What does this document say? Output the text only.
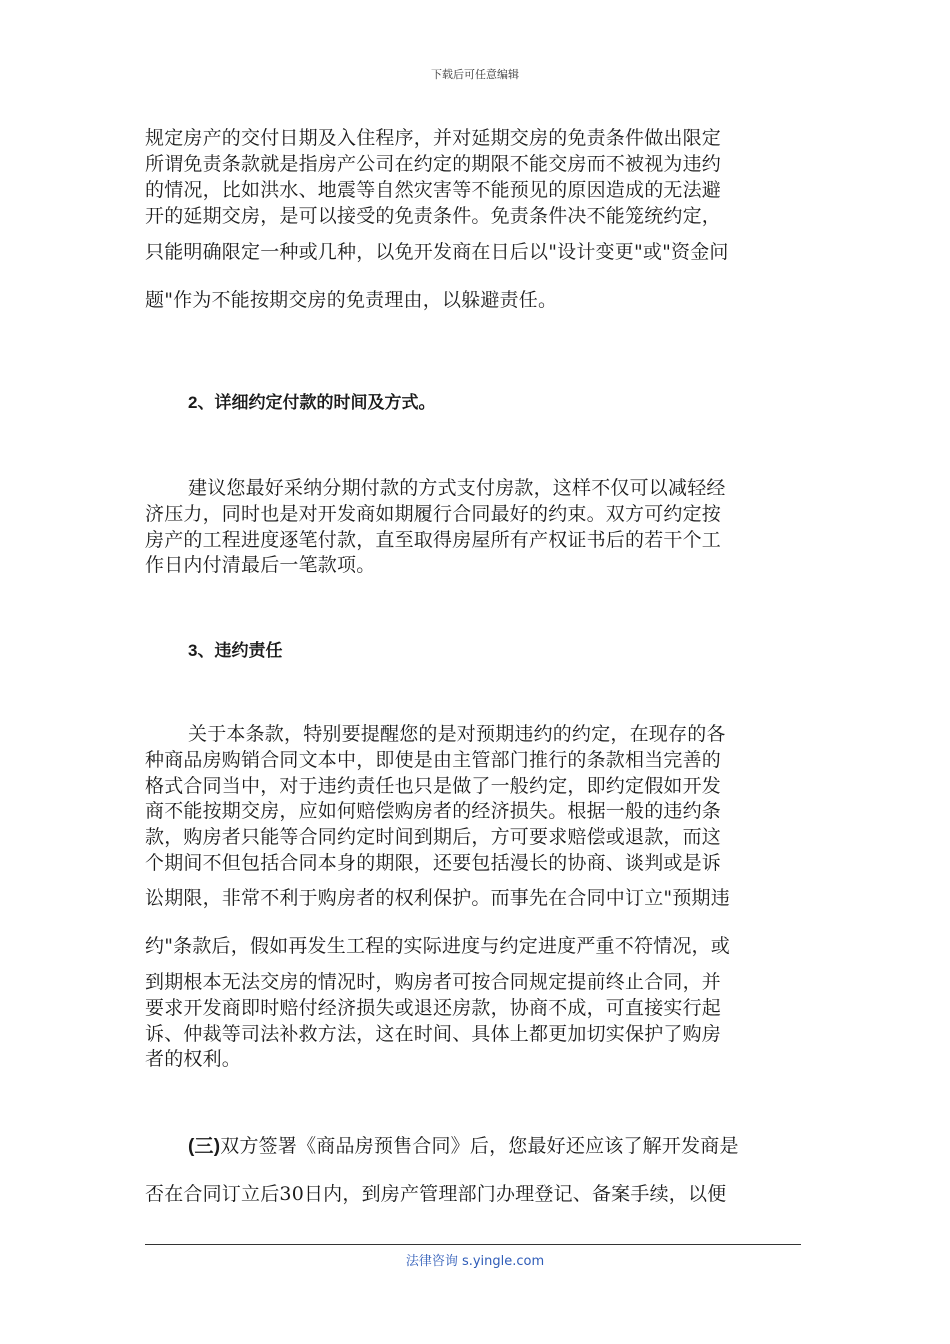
下载后可任意编辑
规定房产的交付日期及入住程序，并对延期交房的免责条件做出限定
所谓免责条款就是指房产公司在约定的期限不能交房而不被视为违约
的情况，比如洪水、地震等自然灾害等不能预见的原因造成的无法避
开的延期交房，是可以接受的免责条件。免责条件决不能笼统约定，
只能明确限定一种或几种，以免开发商在日后以"设计变更"或"资金问
题"作为不能按期交房的免责理由，以躲避责任。
2、详细约定付款的时间及方式。
建议您最好采纳分期付款的方式支付房款，这样不仅可以减轻经
济压力，同时也是对开发商如期履行合同最好的约束。双方可约定按
房产的工程进度逐笔付款，直至取得房屋所有产权证书后的若干个工
作日内付清最后一笔款项。
3、违约责任
关于本条款，特别要提醒您的是对预期违约的约定，在现存的各
种商品房购销合同文本中，即使是由主管部门推行的条款相当完善的
格式合同当中，对于违约责任也只是做了一般约定，即约定假如开发
商不能按期交房，应如何赔偿购房者的经济损失。根据一般的违约条
款，购房者只能等合同约定时间到期后，方可要求赔偿或退款，而这
个期间不但包括合同本身的期限，还要包括漫长的协商、谈判或是诉
讼期限，非常不利于购房者的权利保护。而事先在合同中订立"预期违
约"条款后，假如再发生工程的实际进度与约定进度严重不符情况，或
到期根本无法交房的情况时，购房者可按合同规定提前终止合同，并
要求开发商即时赔付经济损失或退还房款，协商不成，可直接实行起
诉、仲裁等司法补救方法，这在时间、具体上都更加切实保护了购房
者的权利。
(三)双方签署《商品房预售合同》后，您最好还应该了解开发商是
否在合同订立后30日内，到房产管理部门办理登记、备案手续，以便
法律咨询 s.yingle.com
